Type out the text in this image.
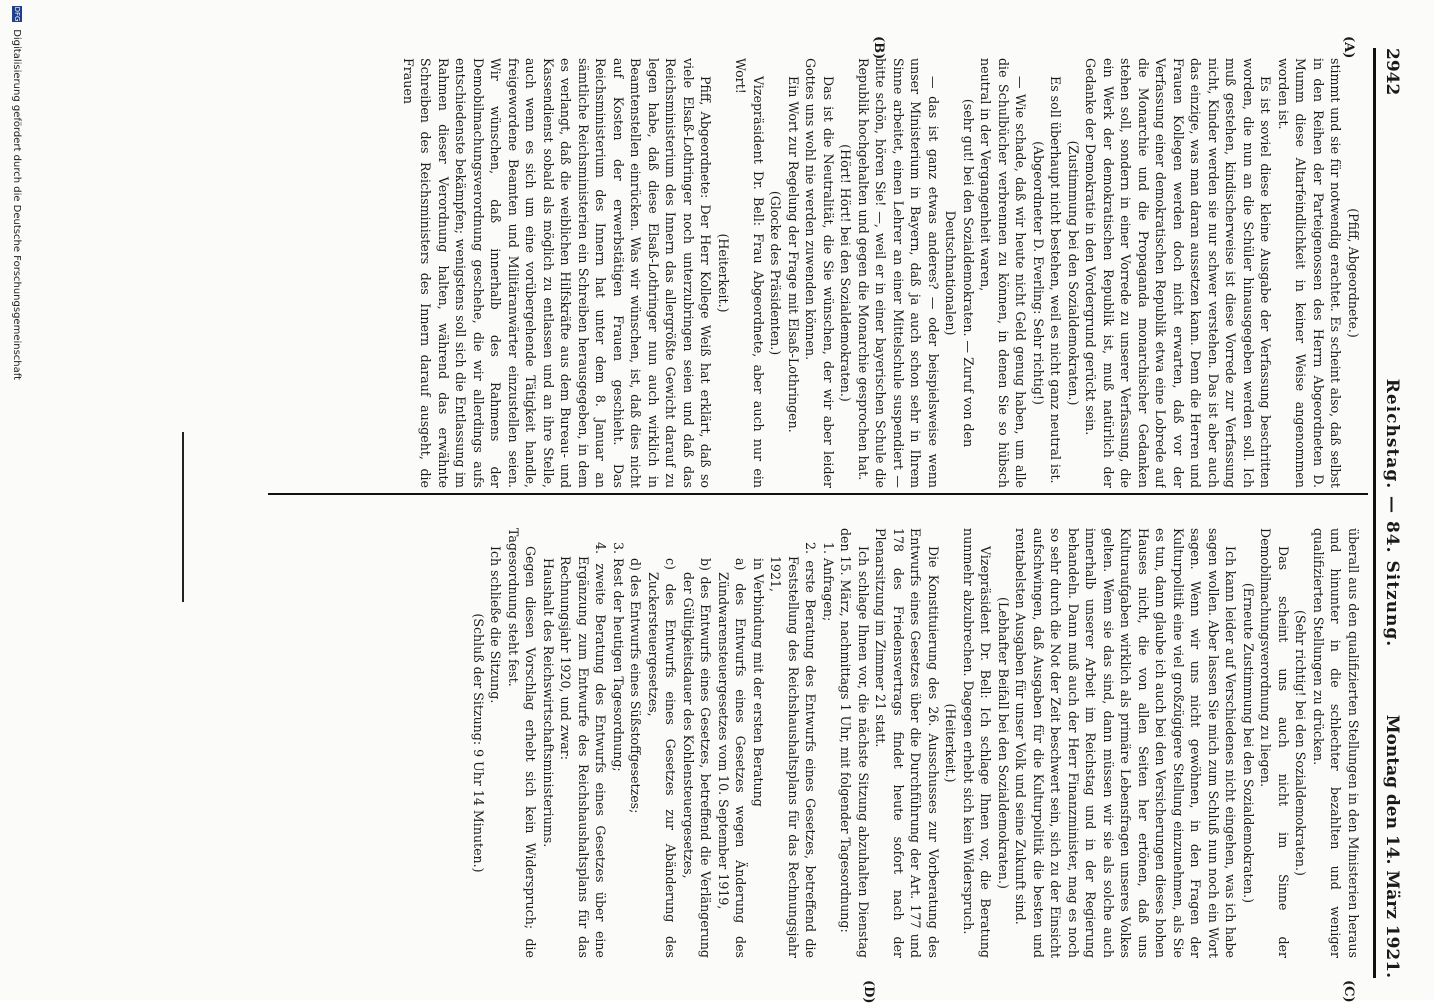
2942
Reichstag. — 84. Sitzung.
Montag den 14. März 1921.
(A)
(B)
(C)
(D)

(Pfiff, Abgeordnete.)

stimmt und sie für notwendig erachtet. Es scheint also, daß selbst in den Reihen der Parteigenossen des Herrn Abgeordneten D. Mumm diese Altarfeindlichkeit in keiner Weise angenommen worden ist.

Es ist soviel diese kleine Ausgabe der Verfassung beschritten worden, die nun an die Schüler hinausgegeben werden soll. Ich muß gestehen, kindischerweise ist diese Vorrede zur Verfassung nicht, Kinder werden sie nur schwer verstehen. Das ist aber auch das einzige, was man daran aussetzen kann. Denn die Herren und Frauen Kollegen werden doch nicht erwarten, daß vor der Verfassung einer demokratischen Republik etwa eine Lobrede auf die Monarchie und die Propaganda monarchischer Gedanken stehen soll, sondern in einer Vorrede zu unserer Verfassung, die ein Werk der demokratischen Republik ist, muß natürlich der Gedanke der Demokratie in den Vordergrund gerückt sein.

(Zustimmung bei den Sozialdemokraten.)

Es soll überhaupt nicht bestehen, weil es nicht ganz neutral ist.

(Abgeordneter D. Everling: Sehr richtig!)

— Wie schade, daß wir heute nicht Geld genug haben, um alle die Schulbücher verbrennen zu können, in denen Sie so hübsch neutral in der Vergangenheit waren,

(sehr gut! bei den Sozialdemokraten. — Zuruf von den Deutschnationalen)

— das ist ganz etwas anderes? — oder beispielsweise wenn unser Ministerium in Bayern, daß ja auch schon sehr in Ihrem Sinne arbeitet, einen Lehrer an einer Mittelschule suspendiert — bitte schön, hören Sie! —, weil er in einer bayerischen Schule die Republik hochgehalten und gegen die Monarchie gesprochen hat.

(Hört! Hört! bei den Sozialdemokraten.)

Das ist die Neutralität, die Sie wünschen, der wir aber leider Gottes uns wohl nie werden zuwenden können.

Ein Wort zur Regelung der Frage mit Elsaß-Lothringen.

(Glocke des Präsidenten.)

Vizepräsident Dr. Bell: Frau Abgeordnete, aber auch nur ein Wort!

(Heiterkeit.)

Pfiff, Abgeordnete: Der Herr Kollege Weiß hat erklärt, daß so viele Elsaß-Lothringer noch unterzubringen seien und daß das Reichsministerium des Innern das allergrößte Gewicht darauf zu legen habe, daß diese Elsaß-Lothringer nun auch wirklich in Beamtenstellen einrücken. Was wir wünschen, ist, daß dies nicht auf Kosten der erwerbstätigen Frauen geschieht. Das Reichsministerium des Innern hat unter dem 8. Januar an sämtliche Reichsministerien ein Schreiben herausgegeben, in dem es verlangt, daß die weiblichen Hilfskräfte aus dem Bureau- und Kassendienst sobald als möglich zu entlassen und an ihre Stelle, auch wenn es sich um eine vorübergehende Tätigkeit handle, freigewordene Beamten und Militäranwärter einzustellen seien. Wir wünschen, daß innerhalb des Rahmens der Demobilmachungsverordnung geschehe, die wir allerdings aufs entschiedenste bekämpfen; wenigstens soll sich die Entlassung im Rahmen dieser Verordnung halten, während das erwähnte Schreiben des Reichsministers des Innern darauf ausgeht, die Frauen

überall aus den qualifizierten Stellungen in den Ministerien heraus und hinunter in die schlechter bezahlten und weniger qualifizierten Stellungen zu drücken.

(Sehr richtig! bei den Sozialdemokraten.)

Das scheint uns auch nicht im Sinne der Demobilmachungsverordnung zu liegen.

(Erneute Zustimmung bei den Sozialdemokraten.)

Ich kann leider auf Verschiedenes nicht eingehen, was ich habe sagen wollen. Aber lassen Sie mich zum Schluß nun noch ein Wort sagen. Wenn wir uns nicht gewöhnen, in den Fragen der Kulturpolitik eine viel großzügigere Stellung einzunehmen, als Sie es tun, dann glaube ich auch bei den Versicherungen dieses hohen Hauses nicht, die von allen Seiten her ertönen, daß uns Kulturaufgaben wirklich als primäre Lebensfragen unseres Volkes gelten. Wenn sie das sind, dann müssen wir sie als solche auch innerhalb unserer Arbeit im Reichstag und in der Regierung behandeln. Dann muß auch der Herr Finanzminister, mag es noch so sehr durch die Not der Zeit beschwert sein, sich zu der Einsicht aufschwingen, daß Ausgaben für die Kulturpolitik die besten und rentabelsten Ausgaben für unser Volk und seine Zukunft sind.

(Lebhafter Beifall bei den Sozialdemokraten.)

Vizepräsident Dr. Bell: Ich schlage Ihnen vor, die Beratung nunmehr abzubrechen. Dagegen erhebt sich kein Widerspruch.

(Heiterkeit.)

Die Konstituierung des 26. Ausschusses zur Vorberatung des Entwurfs eines Gesetzes über die Durchführung der Art. 177 und 178 des Friedensvertrags findet heute sofort nach der Plenarsitzung im Zimmer 21 statt.

Ich schlage Ihnen vor, die nächste Sitzung abzuhalten Dienstag den 15. März, nachmittags 1 Uhr, mit folgender Tagesordnung:

1. Anfragen;

2. erste Beratung des Entwurfs eines Gesetzes, betreffend die Feststellung des Reichshaushaltsplans für das Rechnungsjahr 1921,

in Verbindung mit der ersten Beratung

a) des Entwurfs eines Gesetzes wegen Änderung des Zündwarensteuergesetzes vom 10. September 1919,

b) des Entwurfs eines Gesetzes, betreffend die Verlängerung der Gültigkeitsdauer des Kohlensteuergesetzes,

c) des Entwurfs eines Gesetzes zur Abänderung des Zuckersteuergesetzes,

d) des Entwurfs eines Süßstoffgesetzes;

3. Rest der heutigen Tagesordnung;

4. zweite Beratung des Entwurfs eines Gesetzes über eine Ergänzung zum Entwurfe des Reichshaushaltsplans für das Rechnungsjahr 1920, und zwar:

Haushalt des Reichswirtschaftsministeriums.

Gegen diesen Vorschlag erhebt sich kein Widerspruch; die Tagesordnung steht fest.

Ich schließe die Sitzung.

(Schluß der Sitzung: 9 Uhr 14 Minuten.)

DFG Digitalisierung gefördert durch die Deutsche Forschungsgemeinschaft
